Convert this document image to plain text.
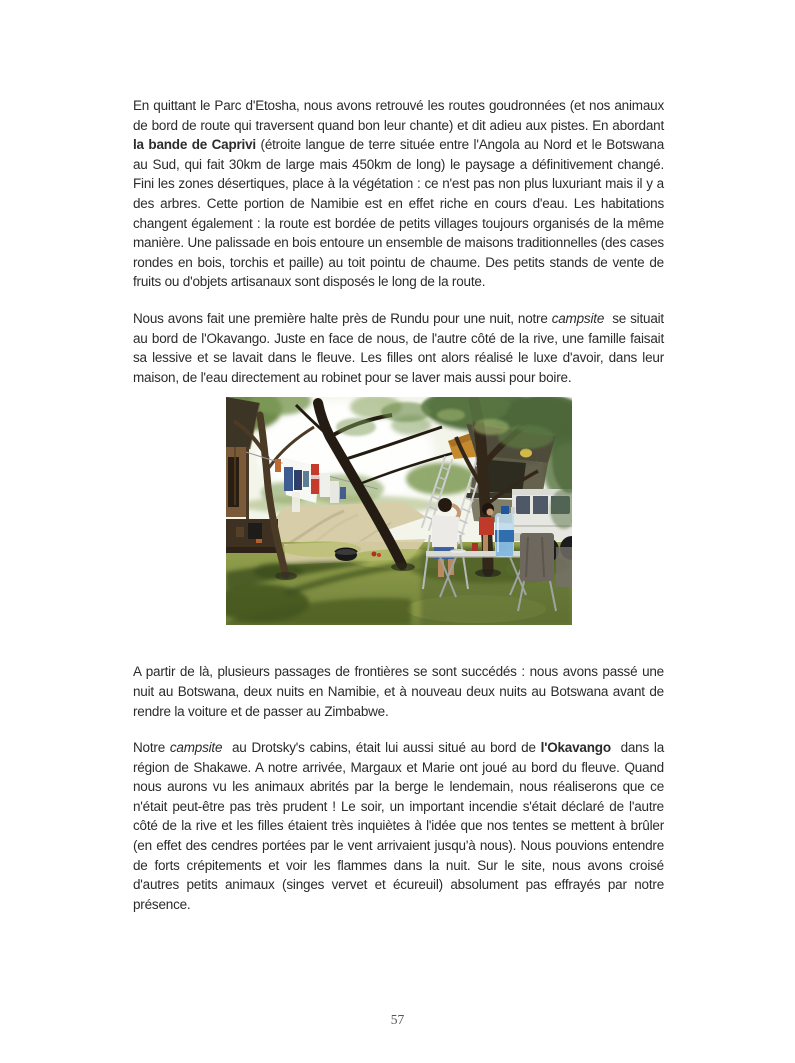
En quittant le Parc d'Etosha, nous avons retrouvé les routes goudronnées (et nos animaux de bord de route qui traversent quand bon leur chante) et dit adieu aux pistes. En abordant la bande de Caprivi (étroite langue de terre située entre l'Angola au Nord et le Botswana au Sud, qui fait 30km de large mais 450km de long) le paysage a définitivement changé. Fini les zones désertiques, place à la végétation : ce n'est pas non plus luxuriant mais il y a des arbres. Cette portion de Namibie est en effet riche en cours d'eau. Les habitations changent également : la route est bordée de petits villages toujours organisés de la même manière. Une palissade en bois entoure un ensemble de maisons traditionnelles (des cases rondes en bois, torchis et paille) au toit pointu de chaume. Des petits stands de vente de fruits ou d'objets artisanaux sont disposés le long de la route.

Nous avons fait une première halte près de Rundu pour une nuit, notre campsite  se situait au bord de l'Okavango. Juste en face de nous, de l'autre côté de la rive, une famille faisait sa lessive et se lavait dans le fleuve. Les filles ont alors réalisé le luxe d'avoir, dans leur maison, de l'eau directement au robinet pour se laver mais aussi pour boire.

A partir de là, plusieurs passages de frontières se sont succédés : nous avons passé une nuit au Botswana, deux nuits en Namibie, et à nouveau deux nuits au Botswana avant de rendre la voiture et de passer au Zimbabwe.

Notre campsite  au Drotsky's cabins, était lui aussi situé au bord de l'Okavango  dans la région de Shakawe. A notre arrivée, Margaux et Marie ont joué au bord du fleuve. Quand nous aurons vu les animaux abrités par la berge le lendemain, nous réaliserons que ce n'était peut-être pas très prudent ! Le soir, un important incendie s'était déclaré de l'autre côté de la rive et les filles étaient très inquiètes à l'idée que nos tentes se mettent à brûler (en effet des cendres portées par le vent arrivaient jusqu'à nous). Nous pouvions entendre de forts crépitements et voir les flammes dans la nuit. Sur le site, nous avons croisé d'autres petits animaux (singes vervet et écureuil) absolument pas effrayés par notre présence.

57
